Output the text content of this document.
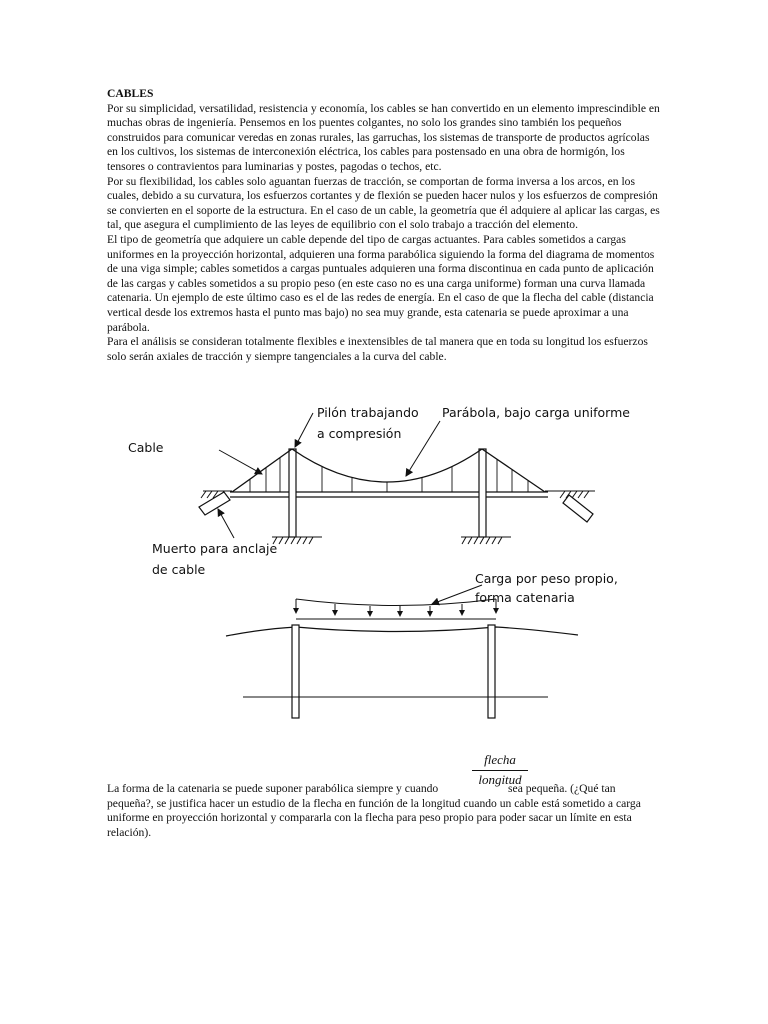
CABLES

Por su simplicidad, versatilidad, resistencia y economía, los cables se han convertido en un elemento imprescindible en muchas obras de ingeniería. Pensemos en los puentes colgantes, no solo los grandes sino también los pequeños construidos para comunicar veredas en zonas rurales, las garruchas, los sistemas de transporte de productos agrícolas en los cultivos, los sistemas de interconexión eléctrica, los cables para postensado en una obra de hormigón, los tensores o contravientos para luminarias y postes, pagodas o techos, etc.

Por su flexibilidad, los cables solo aguantan fuerzas de tracción, se comportan de forma inversa a los arcos, en los cuales, debido a su curvatura, los esfuerzos cortantes y de flexión se pueden hacer nulos y los esfuerzos de compresión se convierten en el soporte de la estructura. En el caso de un cable, la geometría que él adquiere al aplicar las cargas, es tal, que asegura el cumplimiento de las leyes de equilibrio con el solo trabajo a tracción del elemento.

El tipo de geometría que adquiere un cable depende del tipo de cargas actuantes. Para cables sometidos a cargas uniformes en la proyección horizontal, adquieren una forma parabólica siguiendo la forma del diagrama de momentos de una viga simple; cables sometidos a cargas puntuales adquieren una forma discontinua en cada punto de aplicación de las cargas y cables sometidos a su propio peso (en este caso no es una carga uniforme) forman una curva llamada catenaria. Un ejemplo de este último caso es el de las redes de energía. En el caso de que la flecha del cable (distancia vertical desde los extremos hasta el punto mas bajo) no sea muy grande, esta catenaria se puede aproximar a una parábola.

Para el análisis se consideran totalmente flexibles e inextensibles de tal manera que en toda su longitud los esfuerzos solo serán axiales de tracción y siempre tangenciales a la curva del cable.

Pilón trabajando
a compresión
Parábola, bajo carga uniforme
Cable
Muerto para anclaje
de cable
Carga por peso propio,
forma catenaria
flecha
longitud
La forma de la catenaria se puede suponer parabólica siempre y cuando	sea pequeña. (¿Qué tan pequeña?, se justifica hacer un estudio de la flecha en función de la longitud cuando un cable está sometido a carga uniforme en proyección horizontal y compararla con la flecha para peso propio para poder sacar un límite en esta relación).
